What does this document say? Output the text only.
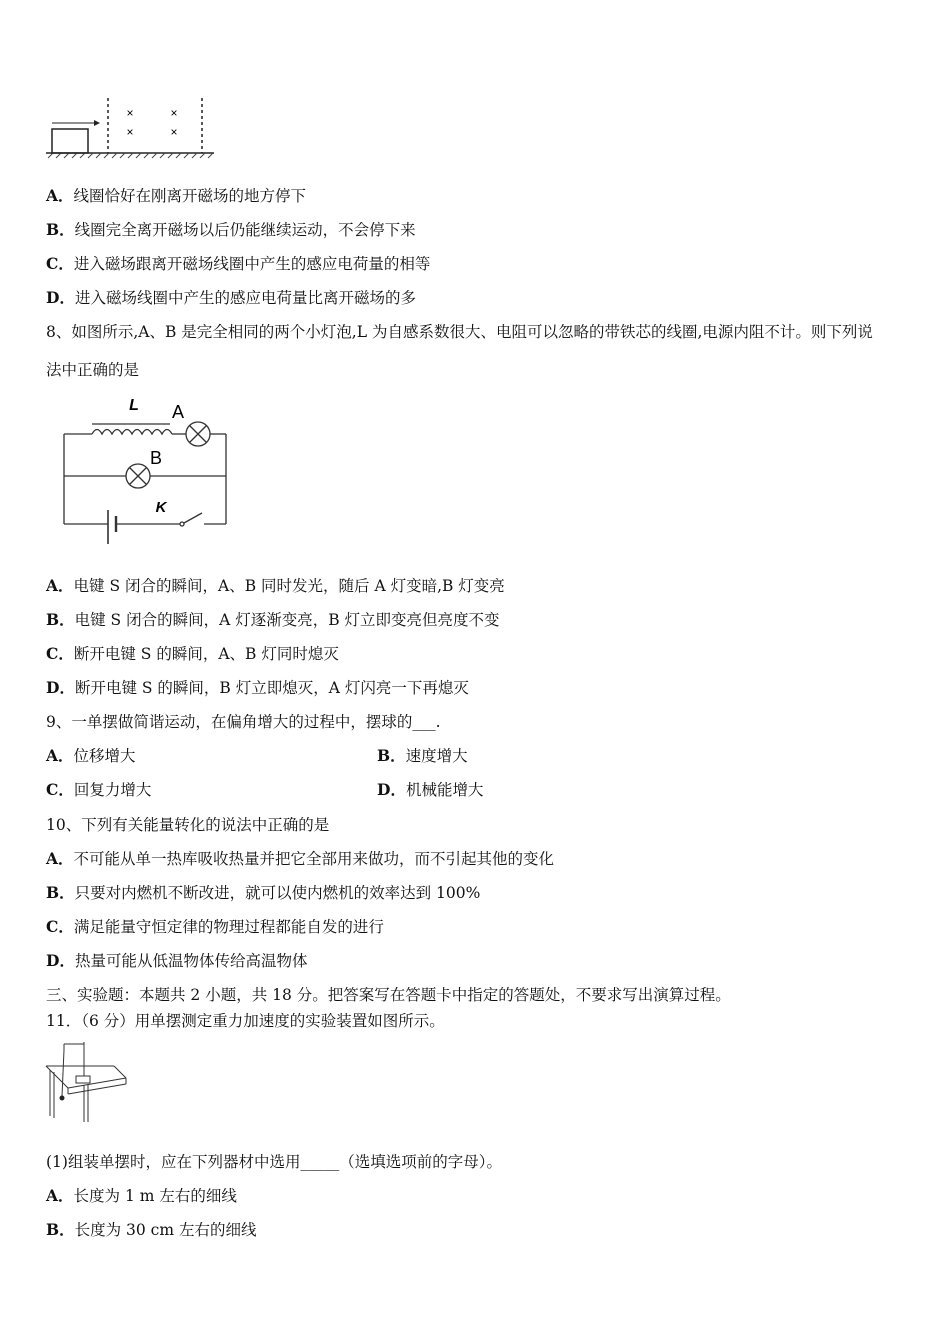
×	×
×	×
A．线圈恰好在刚离开磁场的地方停下
B．线圈完全离开磁场以后仍能继续运动，不会停下来
C．进入磁场跟离开磁场线圈中产生的感应电荷量的相等
D．进入磁场线圈中产生的感应电荷量比离开磁场的多
8、如图所示,A、B 是完全相同的两个小灯泡,L 为自感系数很大、电阻可以忽略的带铁芯的线圈,电源内阻不计。则下列说
法中正确的是
L A
B
K
A．电键 S 闭合的瞬间，A、B 同时发光，随后 A 灯变暗,B 灯变亮
B．电键 S 闭合的瞬间，A 灯逐渐变亮，B 灯立即变亮但亮度不变
C．断开电键 S 的瞬间，A、B 灯同时熄灭
D．断开电键 S 的瞬间，B 灯立即熄灭，A 灯闪亮一下再熄灭
9、一单摆做简谐运动，在偏角增大的过程中，摆球的___.
A．位移增大	B．速度增大
C．回复力增大	D．机械能增大
10、下列有关能量转化的说法中正确的是
A．不可能从单一热库吸收热量并把它全部用来做功，而不引起其他的变化
B．只要对内燃机不断改进，就可以使内燃机的效率达到 100%
C．满足能量守恒定律的物理过程都能自发的进行
D．热量可能从低温物体传给高温物体
三、实验题：本题共 2 小题，共 18 分。把答案写在答题卡中指定的答题处，不要求写出演算过程。
11．（6 分）用单摆测定重力加速度的实验装置如图所示。
(1)组装单摆时，应在下列器材中选用_____（选填选项前的字母）。
A．长度为 1 m 左右的细线
B．长度为 30 cm 左右的细线
